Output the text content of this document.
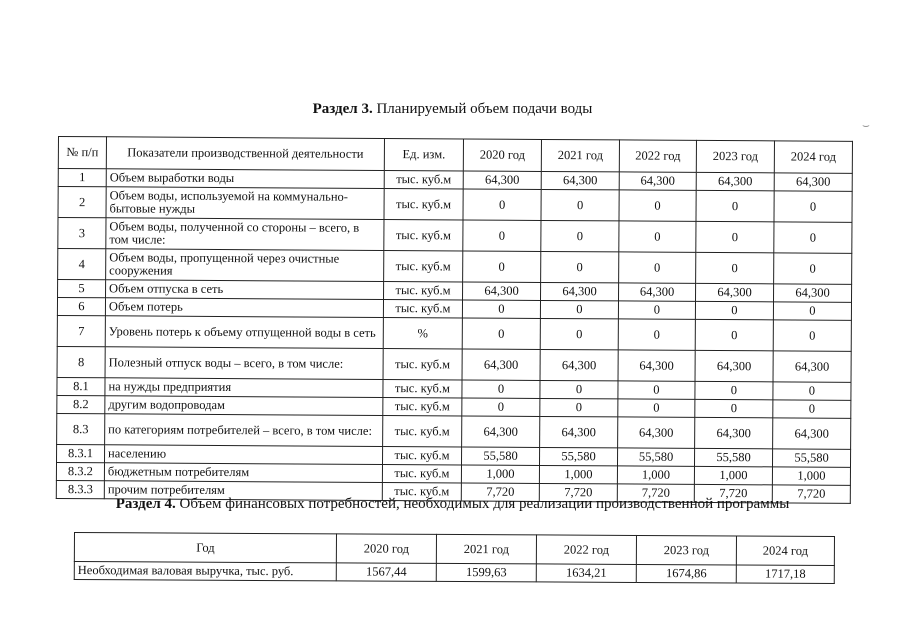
Раздел 3. Планируемый объем подачи воды
№ п/п	Показатели производственной деятельности	Ед. изм.	2020 год	2021 год	2022 год	2023 год	2024 год
1	Объем выработки воды	тыс. куб.м	64,300	64,300	64,300	64,300	64,300
2	Объем воды, используемой на коммунально-бытовые нужды	тыс. куб.м	0	0	0	0	0
3	Объем воды, полученной со стороны – всего, в том числе:	тыс. куб.м	0	0	0	0	0
4	Объем воды, пропущенной через очистные сооружения	тыс. куб.м	0	0	0	0	0
5	Объем отпуска в сеть	тыс. куб.м	64,300	64,300	64,300	64,300	64,300
6	Объем потерь	тыс. куб.м	0	0	0	0	0
7	Уровень потерь к объему отпущенной воды в сеть	%	0	0	0	0	0
8	Полезный отпуск воды – всего, в том числе:	тыс. куб.м	64,300	64,300	64,300	64,300	64,300
8.1	на нужды предприятия	тыс. куб.м	0	0	0	0	0
8.2	другим водопроводам	тыс. куб.м	0	0	0	0	0
8.3	по категориям потребителей – всего, в том числе:	тыс. куб.м	64,300	64,300	64,300	64,300	64,300
8.3.1	населению	тыс. куб.м	55,580	55,580	55,580	55,580	55,580
8.3.2	бюджетным потребителям	тыс. куб.м	1,000	1,000	1,000	1,000	1,000
8.3.3	прочим потребителям	тыс. куб.м	7,720	7,720	7,720	7,720	7,720
Раздел 4. Объем финансовых потребностей, необходимых для реализации производственной программы
Год	2020 год	2021 год	2022 год	2023 год	2024 год
Необходимая валовая выручка, тыс. руб.	1567,44	1599,63	1634,21	1674,86	1717,18
⌣
